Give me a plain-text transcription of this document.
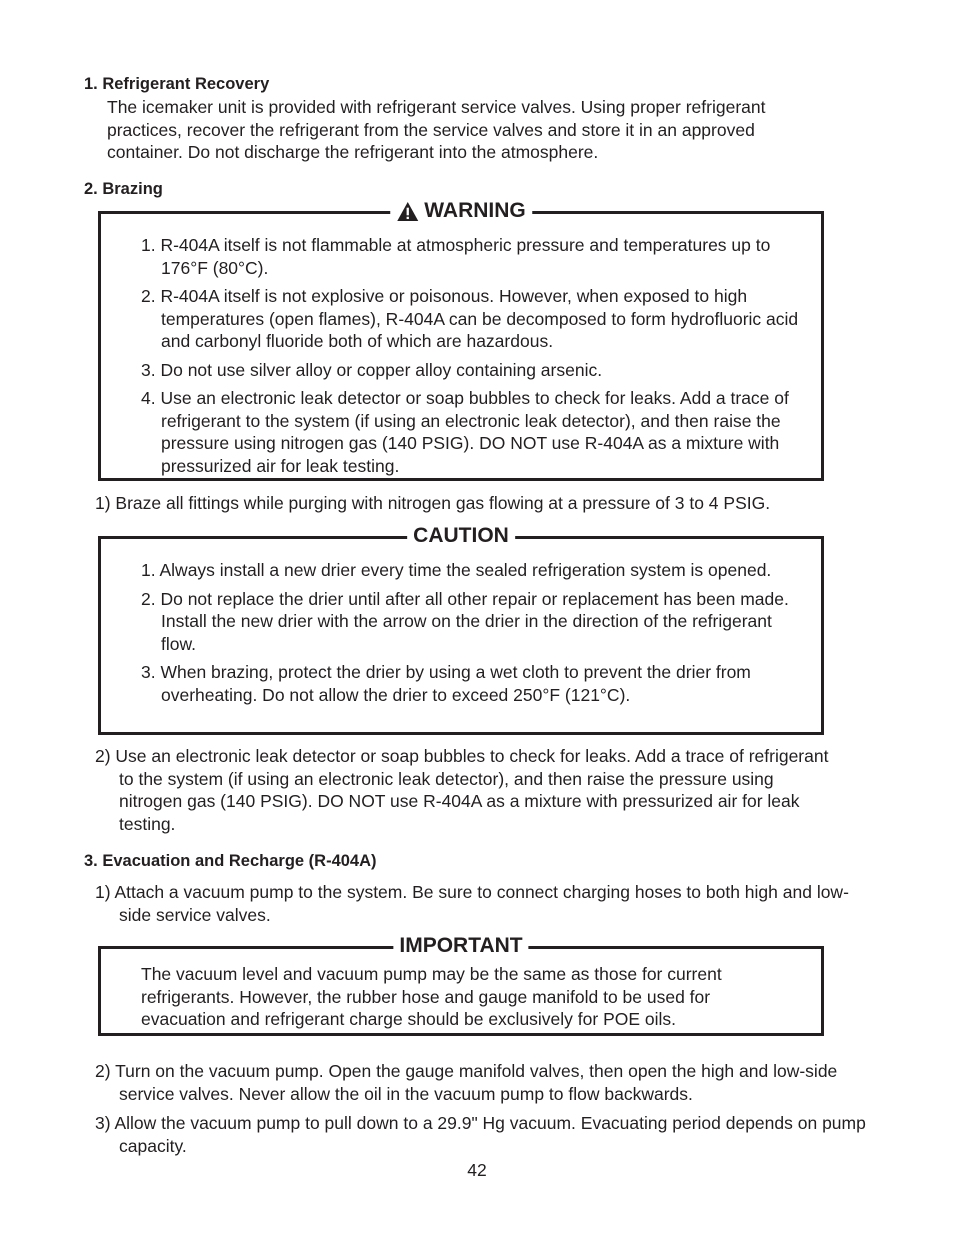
1. Refrigerant Recovery

The icemaker unit is provided with refrigerant service valves. Using proper refrigerant practices, recover the refrigerant from the service valves and store it in an approved container. Do not discharge the refrigerant into the atmosphere.

2. Brazing
WARNING

1. R-404A itself is not flammable at atmospheric pressure and temperatures up to 176°F (80°C).

2. R-404A itself is not explosive or poisonous. However, when exposed to high temperatures (open flames), R-404A can be decomposed to form hydrofluoric acid and carbonyl fluoride both of which are hazardous.

3. Do not use silver alloy or copper alloy containing arsenic.

4. Use an electronic leak detector or soap bubbles to check for leaks. Add a trace of refrigerant to the system (if using an electronic leak detector), and then raise the pressure using nitrogen gas (140 PSIG). DO NOT use R-404A as a mixture with pressurized air for leak testing.

1) Braze all fittings while purging with nitrogen gas flowing at a pressure of 3 to 4 PSIG.

CAUTION

1. Always install a new drier every time the sealed refrigeration system is opened.

2. Do not replace the drier until after all other repair or replacement has been made. Install the new drier with the arrow on the drier in the direction of the refrigerant flow.

3. When brazing, protect the drier by using a wet cloth to prevent the drier from overheating. Do not allow the drier to exceed 250°F (121°C).

2) Use an electronic leak detector or soap bubbles to check for leaks. Add a trace of refrigerant to the system (if using an electronic leak detector), and then raise the pressure using nitrogen gas (140 PSIG). DO NOT use R-404A as a mixture with pressurized air for leak testing.

3. Evacuation and Recharge (R-404A)

1) Attach a vacuum pump to the system. Be sure to connect charging hoses to both high and low-side service valves.

IMPORTANT

The vacuum level and vacuum pump may be the same as those for current refrigerants. However, the rubber hose and gauge manifold to be used for evacuation and refrigerant charge should be exclusively for POE oils.

2) Turn on the vacuum pump. Open the gauge manifold valves, then open the high and low-side service valves. Never allow the oil in the vacuum pump to flow backwards.

3) Allow the vacuum pump to pull down to a 29.9" Hg vacuum. Evacuating period depends on pump capacity.

42
